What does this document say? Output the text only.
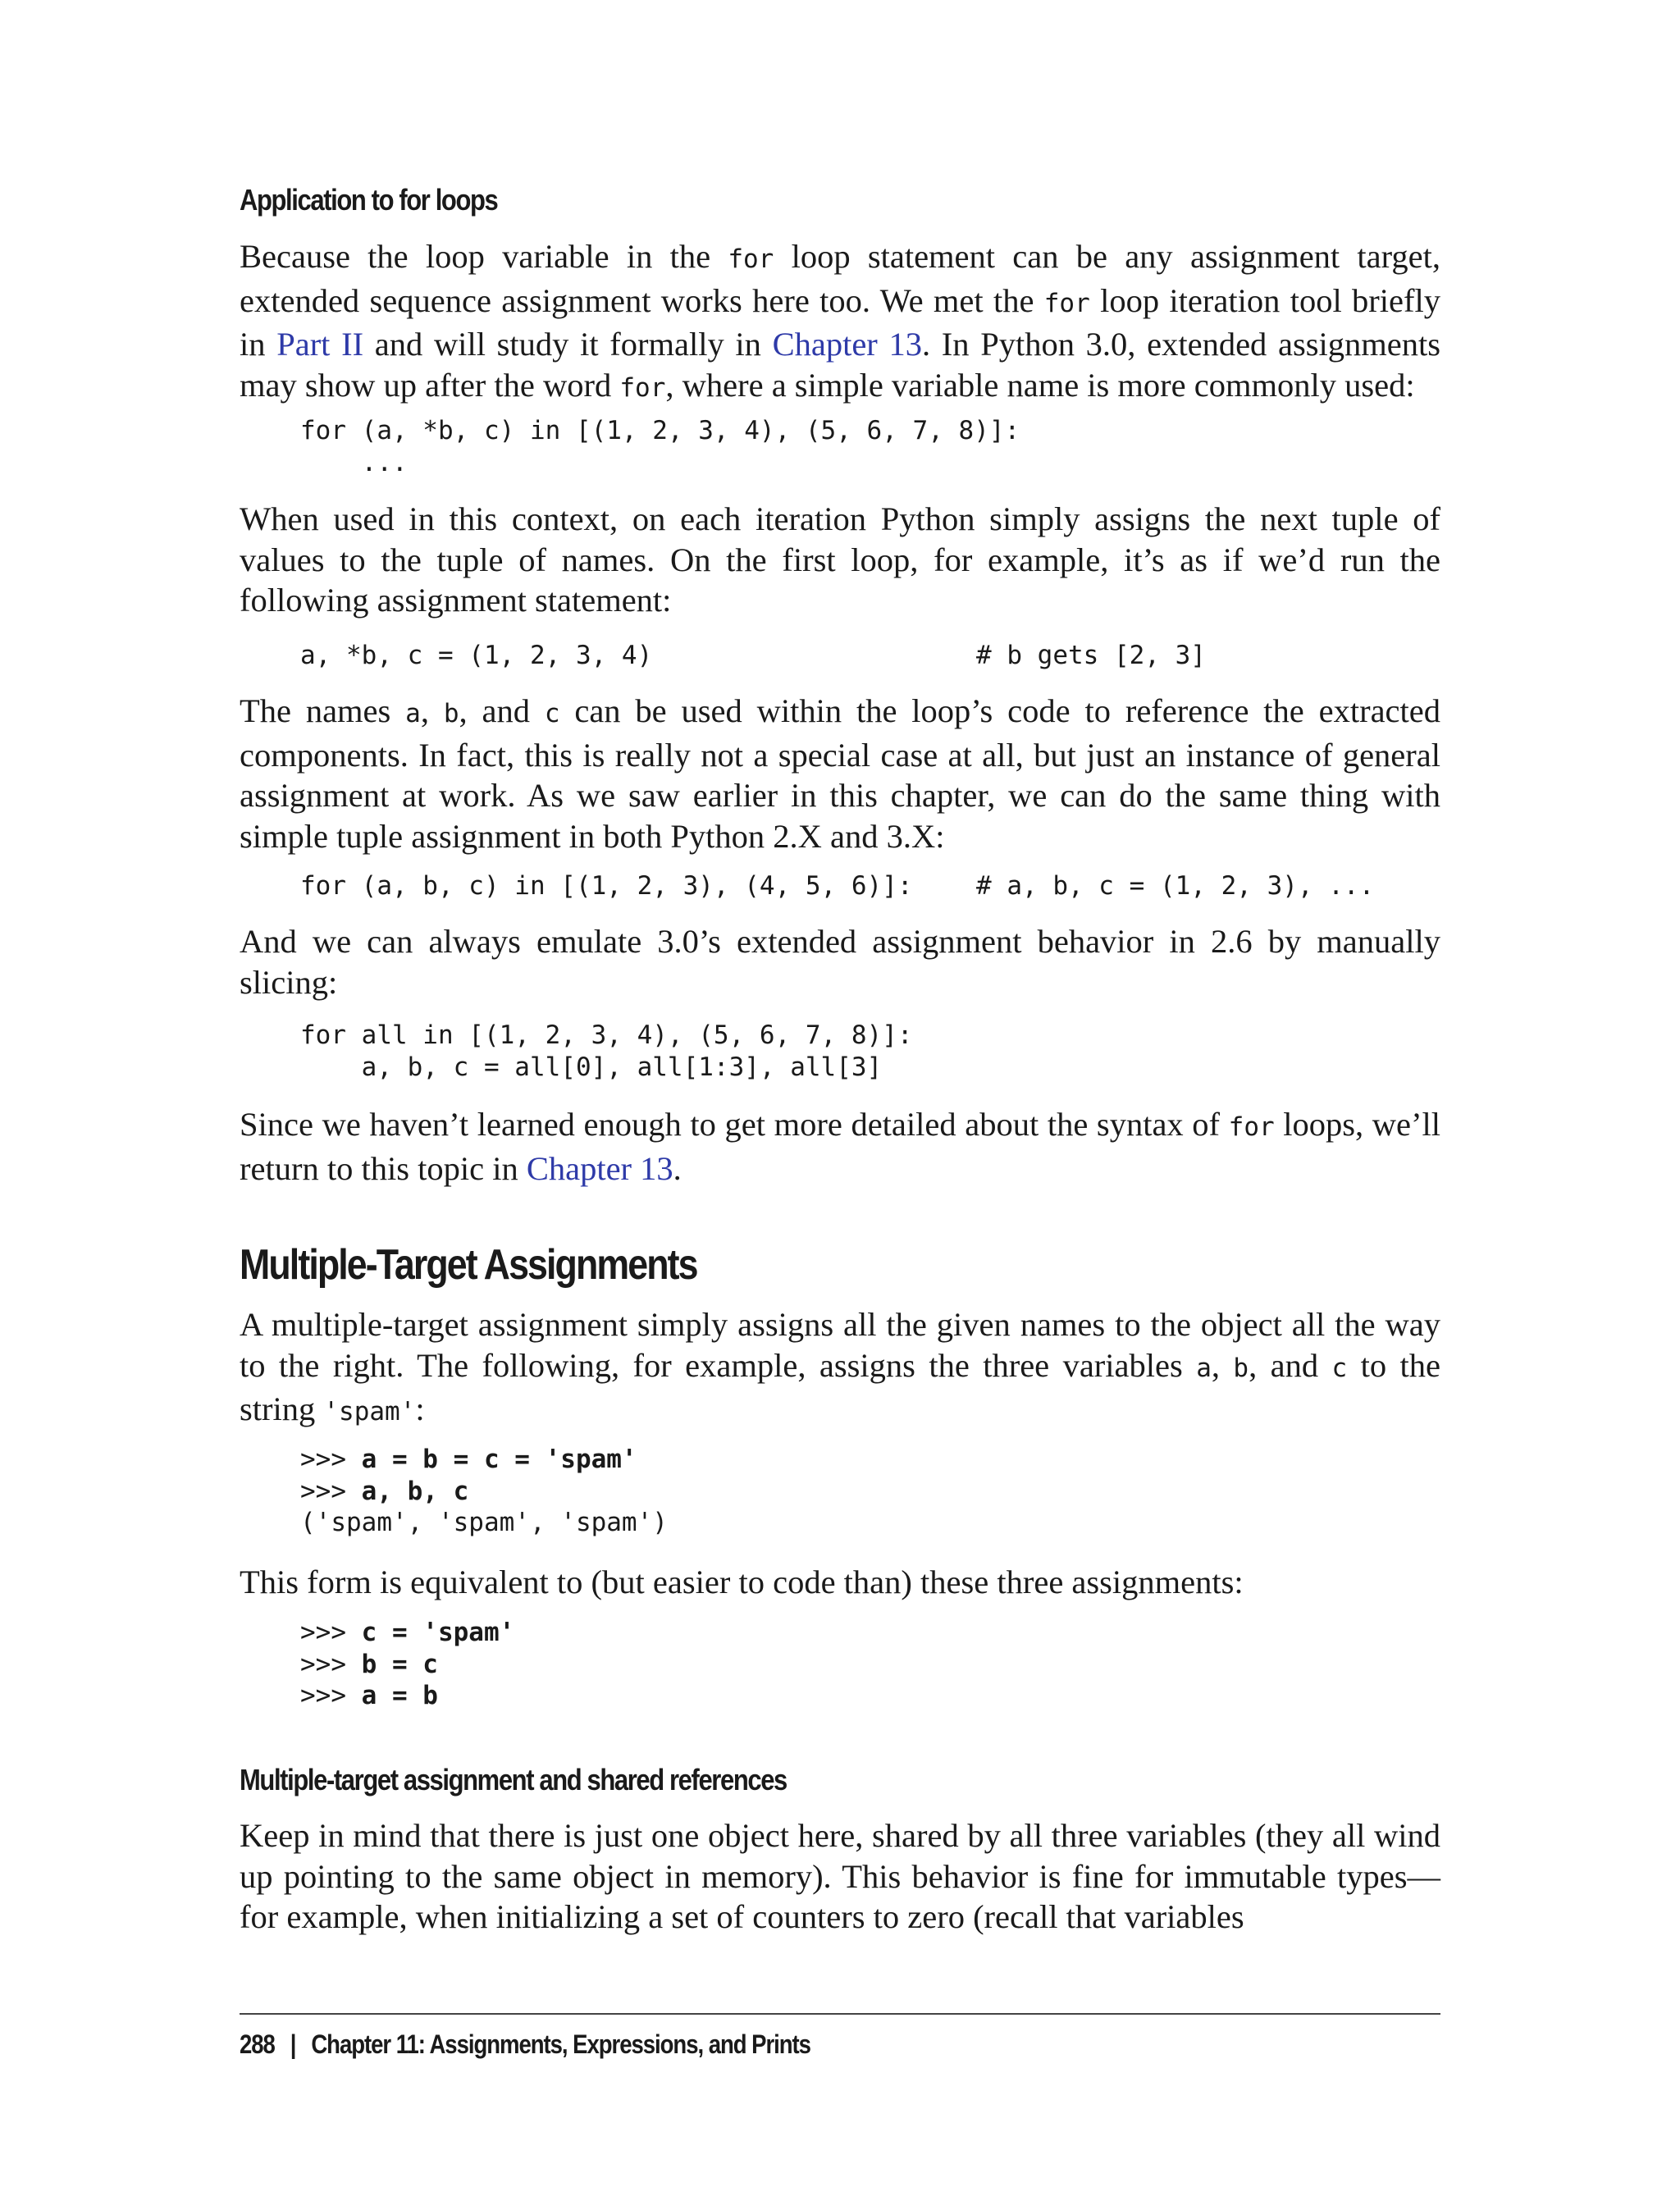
Application to for loops

Because the loop variable in the for loop statement can be any assignment target, extended sequence assignment works here too. We met the for loop iteration tool briefly in Part II and will study it formally in Chapter 13. In Python 3.0, extended assignments may show up after the word for, where a simple variable name is more commonly used:

for (a, *b, c) in [(1, 2, 3, 4), (5, 6, 7, 8)]:
...

When used in this context, on each iteration Python simply assigns the next tuple of values to the tuple of names. On the first loop, for example, it’s as if we’d run the following assignment statement:

a, *b, c = (1, 2, 3, 4)	# b gets [2, 3]

The names a, b, and c can be used within the loop’s code to reference the extracted components. In fact, this is really not a special case at all, but just an instance of general assignment at work. As we saw earlier in this chapter, we can do the same thing with simple tuple assignment in both Python 2.X and 3.X:

for (a, b, c) in [(1, 2, 3), (4, 5, 6)]: # a, b, c = (1, 2, 3), ...

And we can always emulate 3.0’s extended assignment behavior in 2.6 by manually slicing:

for all in [(1, 2, 3, 4), (5, 6, 7, 8)]:
a, b, c = all[0], all[1:3], all[3]

Since we haven’t learned enough to get more detailed about the syntax of for loops, we’ll return to this topic in Chapter 13.

Multiple-Target Assignments

A multiple-target assignment simply assigns all the given names to the object all the way to the right. The following, for example, assigns the three variables a, b, and c to the string 'spam':

>>> a = b = c = 'spam'
>>> a, b, c
('spam', 'spam', 'spam')

This form is equivalent to (but easier to code than) these three assignments:

>>> c = 'spam'
>>> b = c
>>> a = b
Multiple-target assignment and shared references

Keep in mind that there is just one object here, shared by all three variables (they all wind up pointing to the same object in memory). This behavior is fine for immutable types—for example, when initializing a set of counters to zero (recall that variables

288 | Chapter 11: Assignments, Expressions, and Prints
